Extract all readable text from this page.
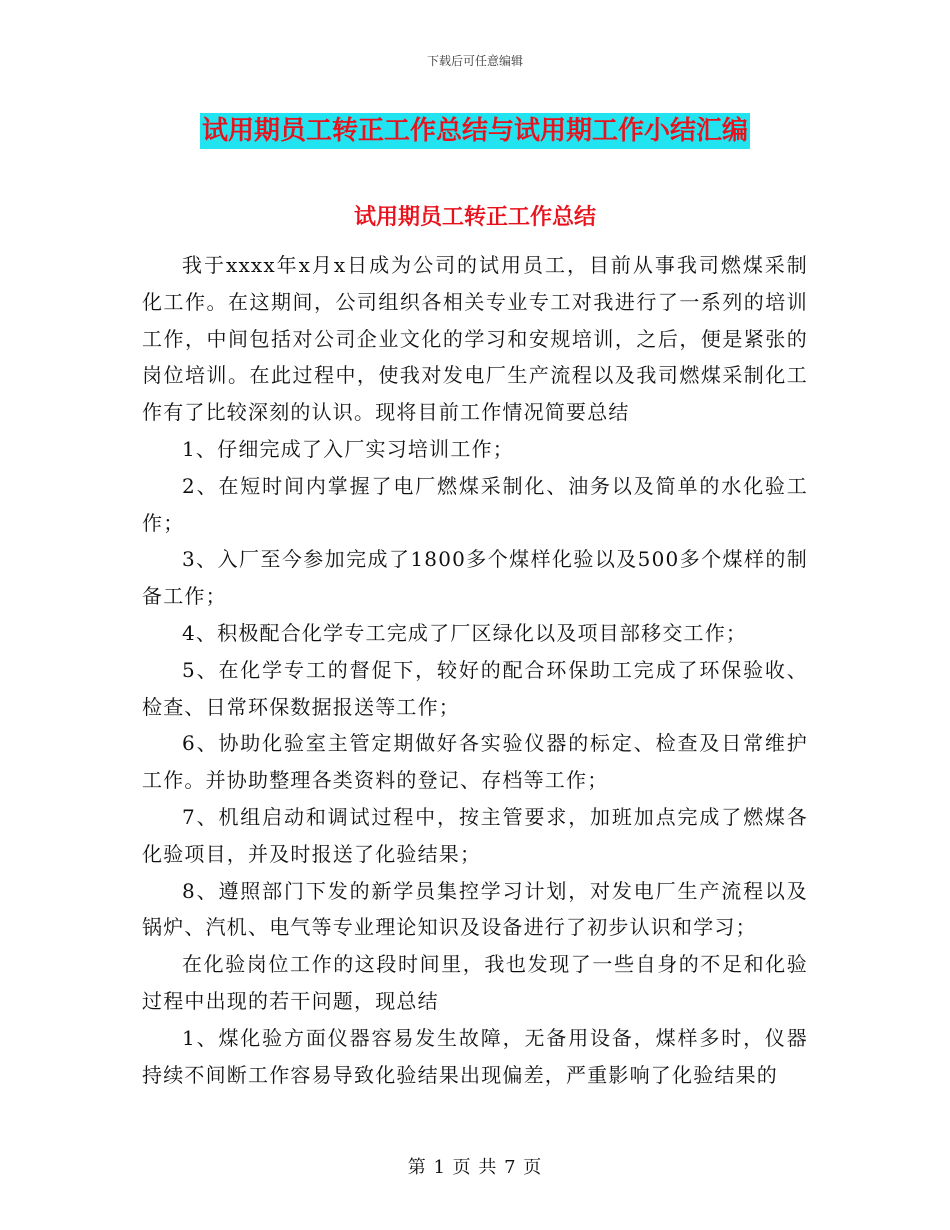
下载后可任意编辑
试用期员工转正工作总结与试用期工作小结汇编
试用期员工转正工作总结

我于xxxx年x月x日成为公司的试用员工，目前从事我司燃煤采制化工作。在这期间，公司组织各相关专业专工对我进行了一系列的培训工作，中间包括对公司企业文化的学习和安规培训，之后，便是紧张的岗位培训。在此过程中，使我对发电厂生产流程以及我司燃煤采制化工作有了比较深刻的认识。现将目前工作情况简要总结

1、仔细完成了入厂实习培训工作；

2、在短时间内掌握了电厂燃煤采制化、油务以及简单的水化验工作；

3、入厂至今参加完成了1800多个煤样化验以及500多个煤样的制备工作；

4、积极配合化学专工完成了厂区绿化以及项目部移交工作；

5、在化学专工的督促下，较好的配合环保助工完成了环保验收、检查、日常环保数据报送等工作；

6、协助化验室主管定期做好各实验仪器的标定、检查及日常维护工作。并协助整理各类资料的登记、存档等工作；

7、机组启动和调试过程中，按主管要求，加班加点完成了燃煤各化验项目，并及时报送了化验结果；

8、遵照部门下发的新学员集控学习计划，对发电厂生产流程以及锅炉、汽机、电气等专业理论知识及设备进行了初步认识和学习；

在化验岗位工作的这段时间里，我也发现了一些自身的不足和化验过程中出现的若干问题，现总结

1、煤化验方面仪器容易发生故障，无备用设备，煤样多时，仪器持续不间断工作容易导致化验结果出现偏差，严重影响了化验结果的

第 1 页 共 7 页
